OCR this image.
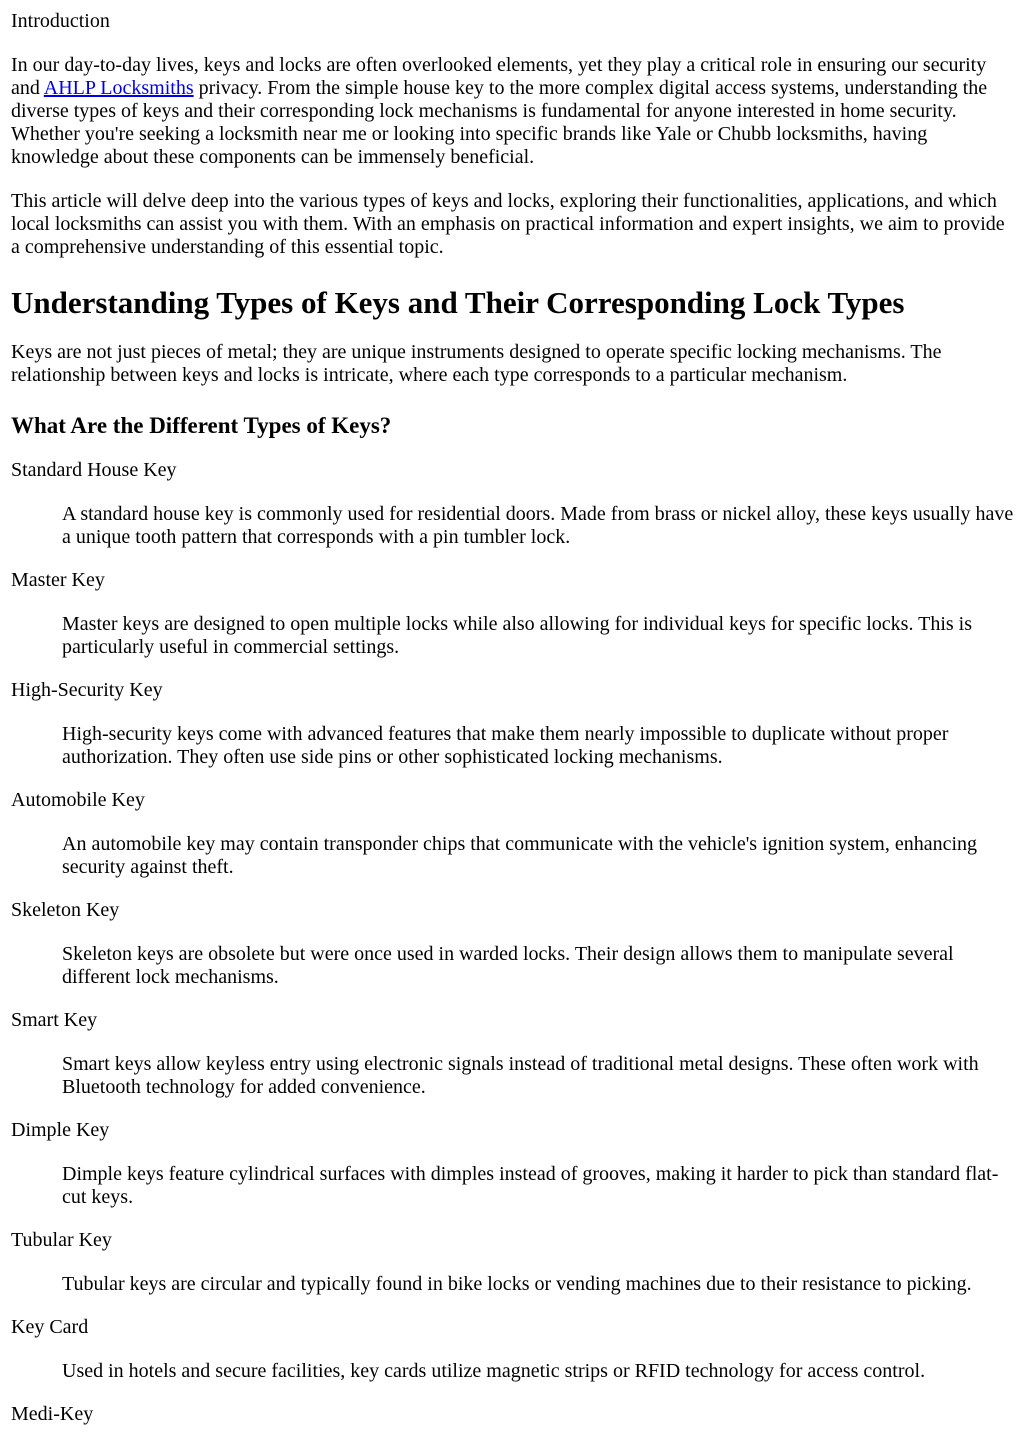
Introduction

In our day-to-day lives, keys and locks are often overlooked elements, yet they play a critical role in ensuring our security and AHLP Locksmiths privacy. From the simple house key to the more complex digital access systems, understanding the diverse types of keys and their corresponding lock mechanisms is fundamental for anyone interested in home security. Whether you're seeking a locksmith near me or looking into specific brands like Yale or Chubb locksmiths, having knowledge about these components can be immensely beneficial.

This article will delve deep into the various types of keys and locks, exploring their functionalities, applications, and which local locksmiths can assist you with them. With an emphasis on practical information and expert insights, we aim to provide a comprehensive understanding of this essential topic.

Understanding Types of Keys and Their Corresponding Lock Types

Keys are not just pieces of metal; they are unique instruments designed to operate specific locking mechanisms. The relationship between keys and locks is intricate, where each type corresponds to a particular mechanism.

What Are the Different Types of Keys?
Standard House Key
A standard house key is commonly used for residential doors. Made from brass or nickel alloy, these keys usually have a unique tooth pattern that corresponds with a pin tumbler lock.
Master Key
Master keys are designed to open multiple locks while also allowing for individual keys for specific locks. This is particularly useful in commercial settings.
High-Security Key
High-security keys come with advanced features that make them nearly impossible to duplicate without proper authorization. They often use side pins or other sophisticated locking mechanisms.
Automobile Key
An automobile key may contain transponder chips that communicate with the vehicle's ignition system, enhancing security against theft.
Skeleton Key
Skeleton keys are obsolete but were once used in warded locks. Their design allows them to manipulate several different lock mechanisms.
Smart Key
Smart keys allow keyless entry using electronic signals instead of traditional metal designs. These often work with Bluetooth technology for added convenience.
Dimple Key
Dimple keys feature cylindrical surfaces with dimples instead of grooves, making it harder to pick than standard flat-cut keys.
Tubular Key
Tubular keys are circular and typically found in bike locks or vending machines due to their resistance to picking.
Key Card
Used in hotels and secure facilities, key cards utilize magnetic strips or RFID technology for access control.
Medi-Key
